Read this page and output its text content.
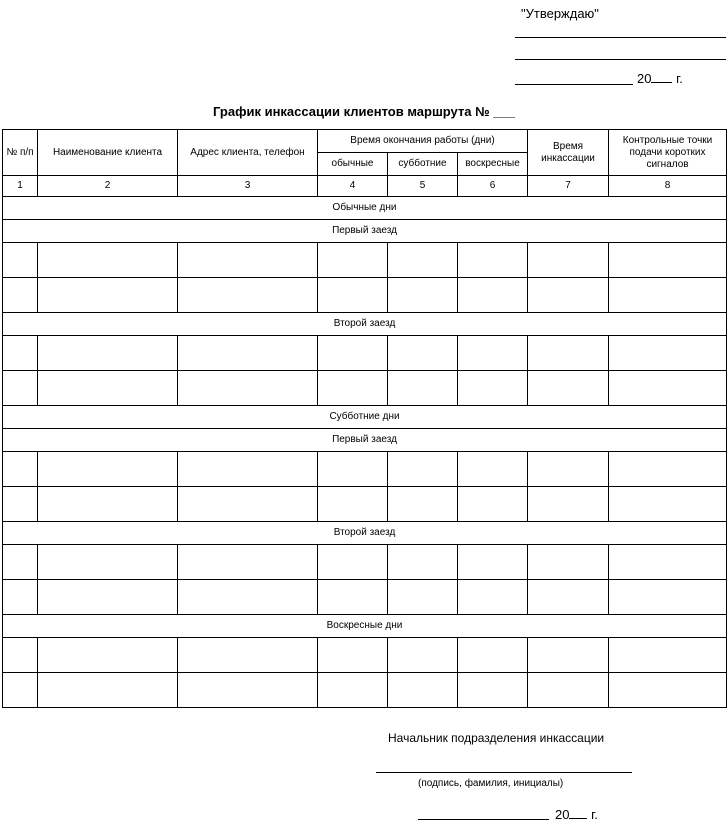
"Утверждаю"
20 г.
График инкассации клиентов маршрута № ___
№ п/п	Наименование клиента	Адрес клиента, телефон	Время окончания работы (дни)			Время инкассации	Контрольные точки подачи коротких сигналов
			обычные	субботние	воскресные		
1	2	3	4	5	6	7	8
Обычные дни							
Первый заезд							

Второй заезд							

Субботние дни							
Первый заезд							

Второй заезд							

Воскресные дни							

Начальник подразделения инкассации
(подпись, фамилия, инициалы)
20 г.
